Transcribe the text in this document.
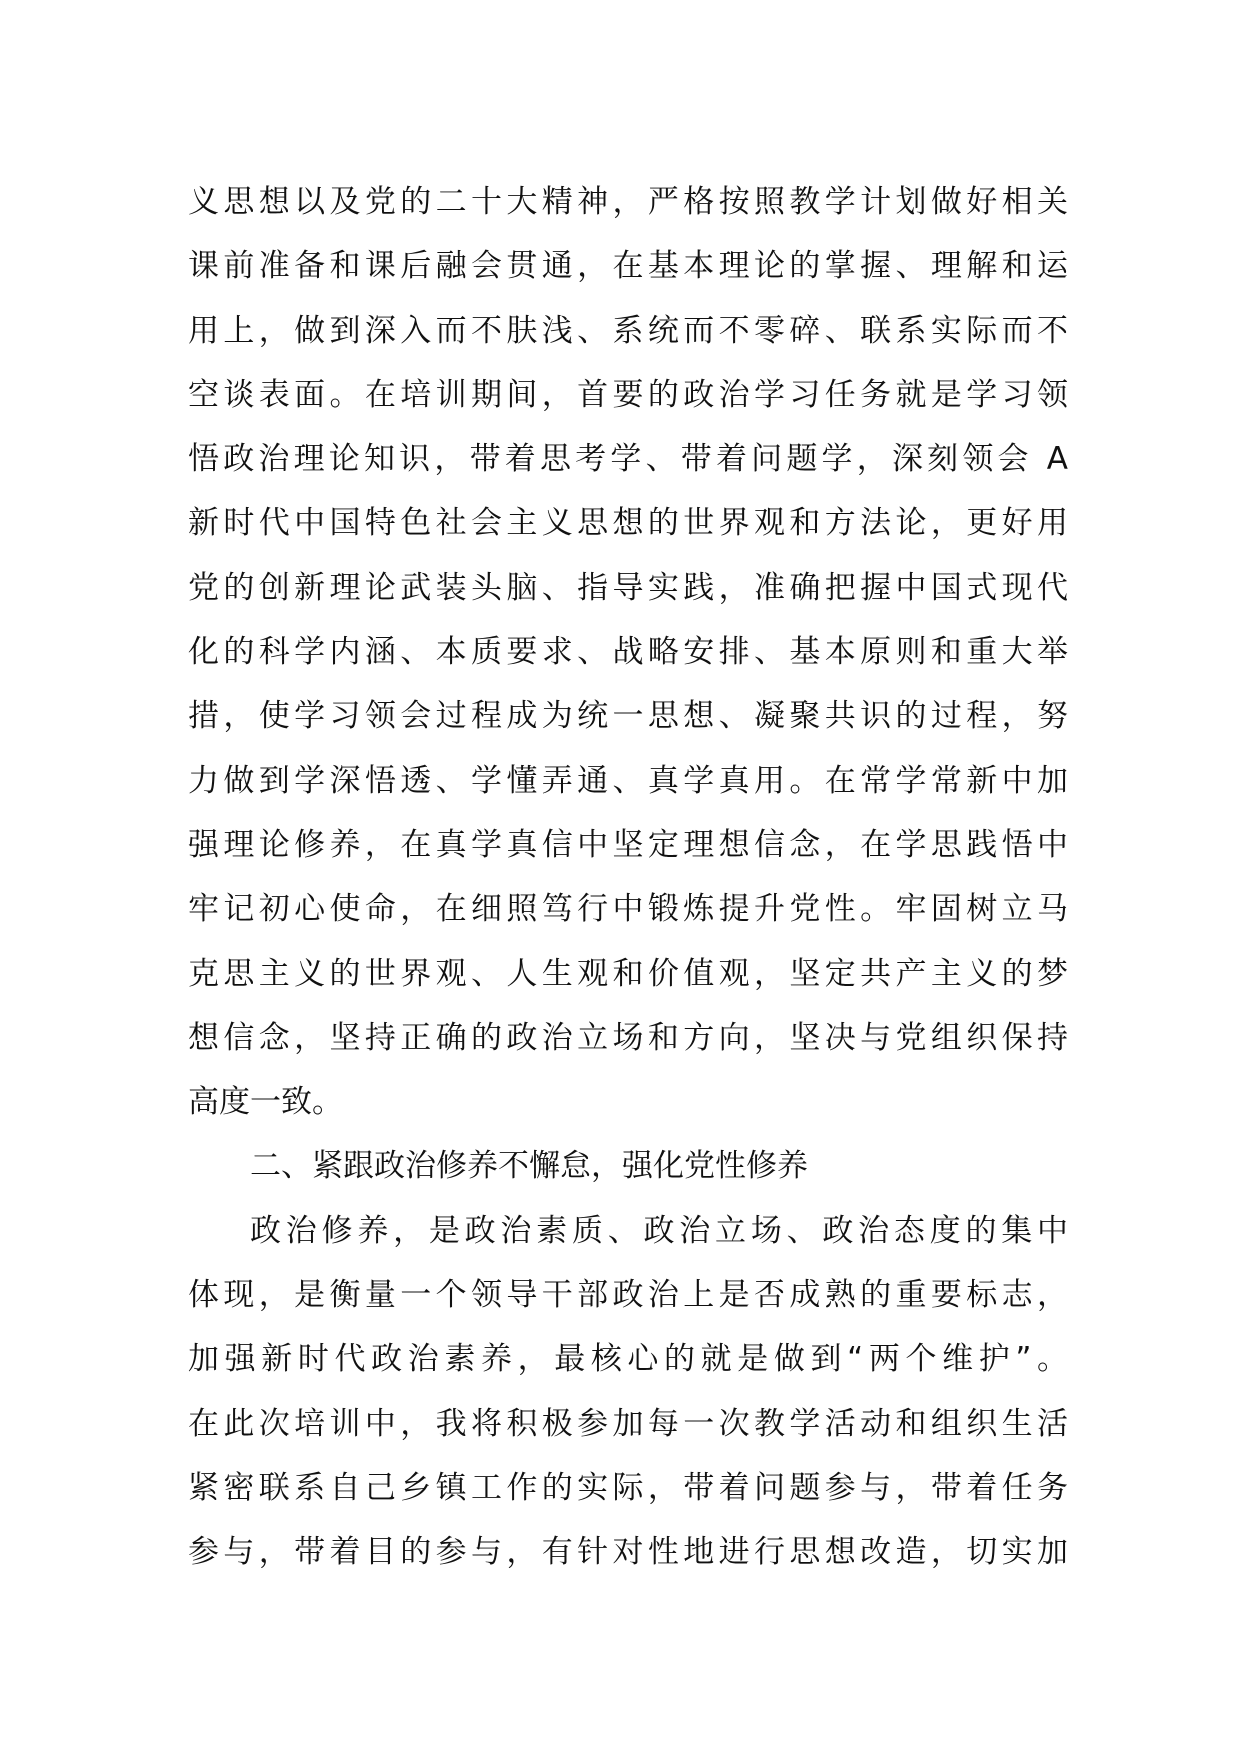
义思想以及党的二十大精神，严格按照教学计划做好相关
课前准备和课后融会贯通，在基本理论的掌握、理解和运
用上，做到深入而不肤浅、系统而不零碎、联系实际而不
空谈表面。在培训期间，首要的政治学习任务就是学习领
悟政治理论知识，带着思考学、带着问题学，深刻领会 A
新时代中国特色社会主义思想的世界观和方法论，更好用
党的创新理论武装头脑、指导实践，准确把握中国式现代
化的科学内涵、本质要求、战略安排、基本原则和重大举
措，使学习领会过程成为统一思想、凝聚共识的过程，努
力做到学深悟透、学懂弄通、真学真用。在常学常新中加
强理论修养，在真学真信中坚定理想信念，在学思践悟中
牢记初心使命，在细照笃行中锻炼提升党性。牢固树立马
克思主义的世界观、人生观和价值观，坚定共产主义的梦
想信念，坚持正确的政治立场和方向，坚决与党组织保持
高度一致。
二、紧跟政治修养不懈怠，强化党性修养
政治修养，是政治素质、政治立场、政治态度的集中
体现，是衡量一个领导干部政治上是否成熟的重要标志，
加强新时代政治素养，最核心的就是做到“两个维护”。
在此次培训中，我将积极参加每一次教学活动和组织生活
紧密联系自己乡镇工作的实际，带着问题参与，带着任务
参与，带着目的参与，有针对性地进行思想改造，切实加
